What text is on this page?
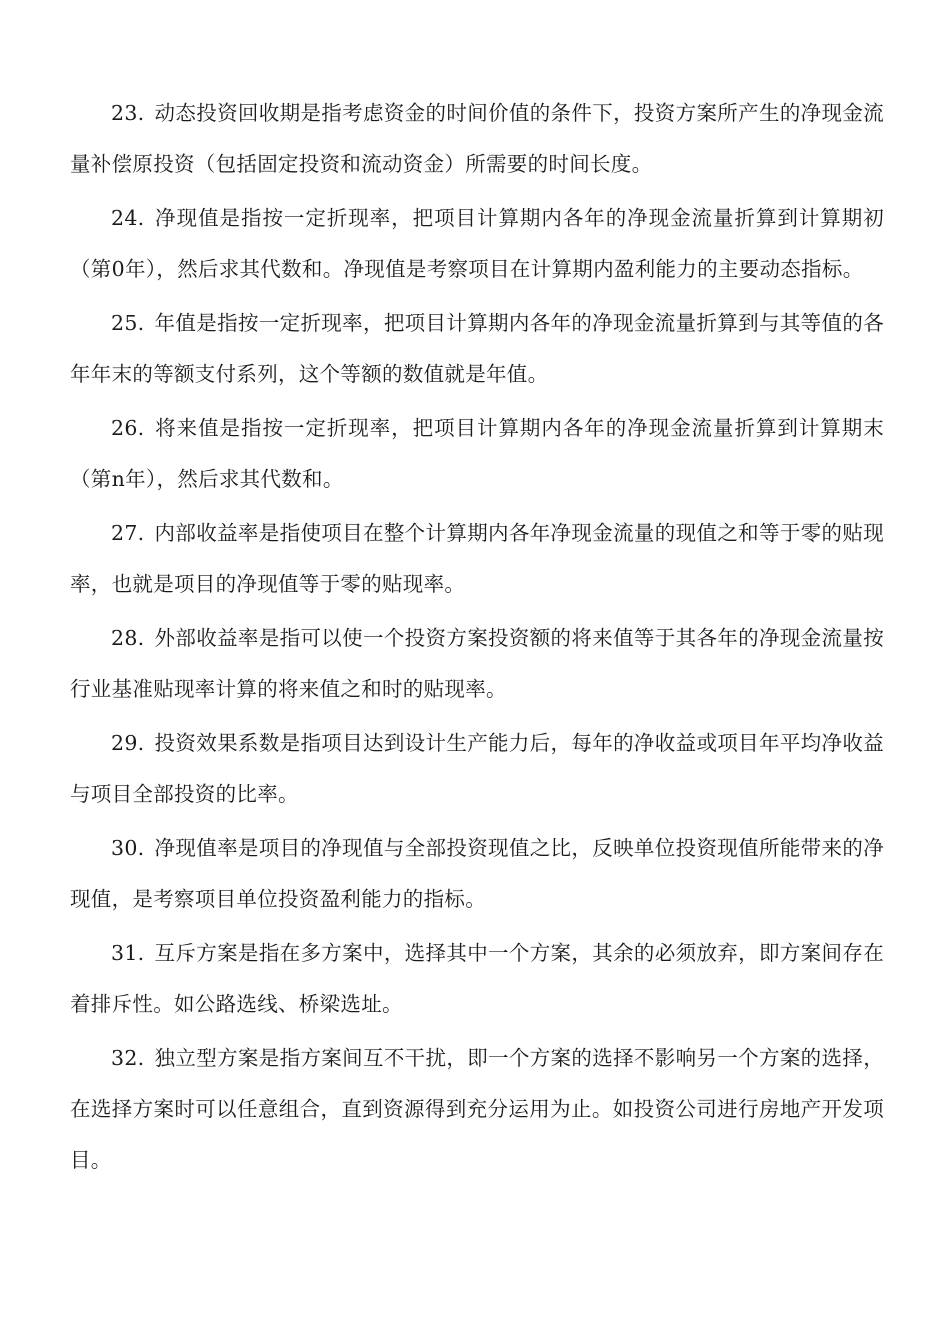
23. 动态投资回收期是指考虑资金的时间价值的条件下，投资方案所产生的净现金流量补偿原投资（包括固定投资和流动资金）所需要的时间长度。

24. 净现值是指按一定折现率，把项目计算期内各年的净现金流量折算到计算期初（第0年），然后求其代数和。净现值是考察项目在计算期内盈利能力的主要动态指标。

25. 年值是指按一定折现率，把项目计算期内各年的净现金流量折算到与其等值的各年年末的等额支付系列，这个等额的数值就是年值。

26. 将来值是指按一定折现率，把项目计算期内各年的净现金流量折算到计算期末（第n年），然后求其代数和。

27. 内部收益率是指使项目在整个计算期内各年净现金流量的现值之和等于零的贴现率，也就是项目的净现值等于零的贴现率。

28. 外部收益率是指可以使一个投资方案投资额的将来值等于其各年的净现金流量按行业基准贴现率计算的将来值之和时的贴现率。

29. 投资效果系数是指项目达到设计生产能力后，每年的净收益或项目年平均净收益与项目全部投资的比率。

30. 净现值率是项目的净现值与全部投资现值之比，反映单位投资现值所能带来的净现值，是考察项目单位投资盈利能力的指标。

31. 互斥方案是指在多方案中，选择其中一个方案，其余的必须放弃，即方案间存在着排斥性。如公路选线、桥梁选址。

32. 独立型方案是指方案间互不干扰，即一个方案的选择不影响另一个方案的选择，在选择方案时可以任意组合，直到资源得到充分运用为止。如投资公司进行房地产开发项目。
